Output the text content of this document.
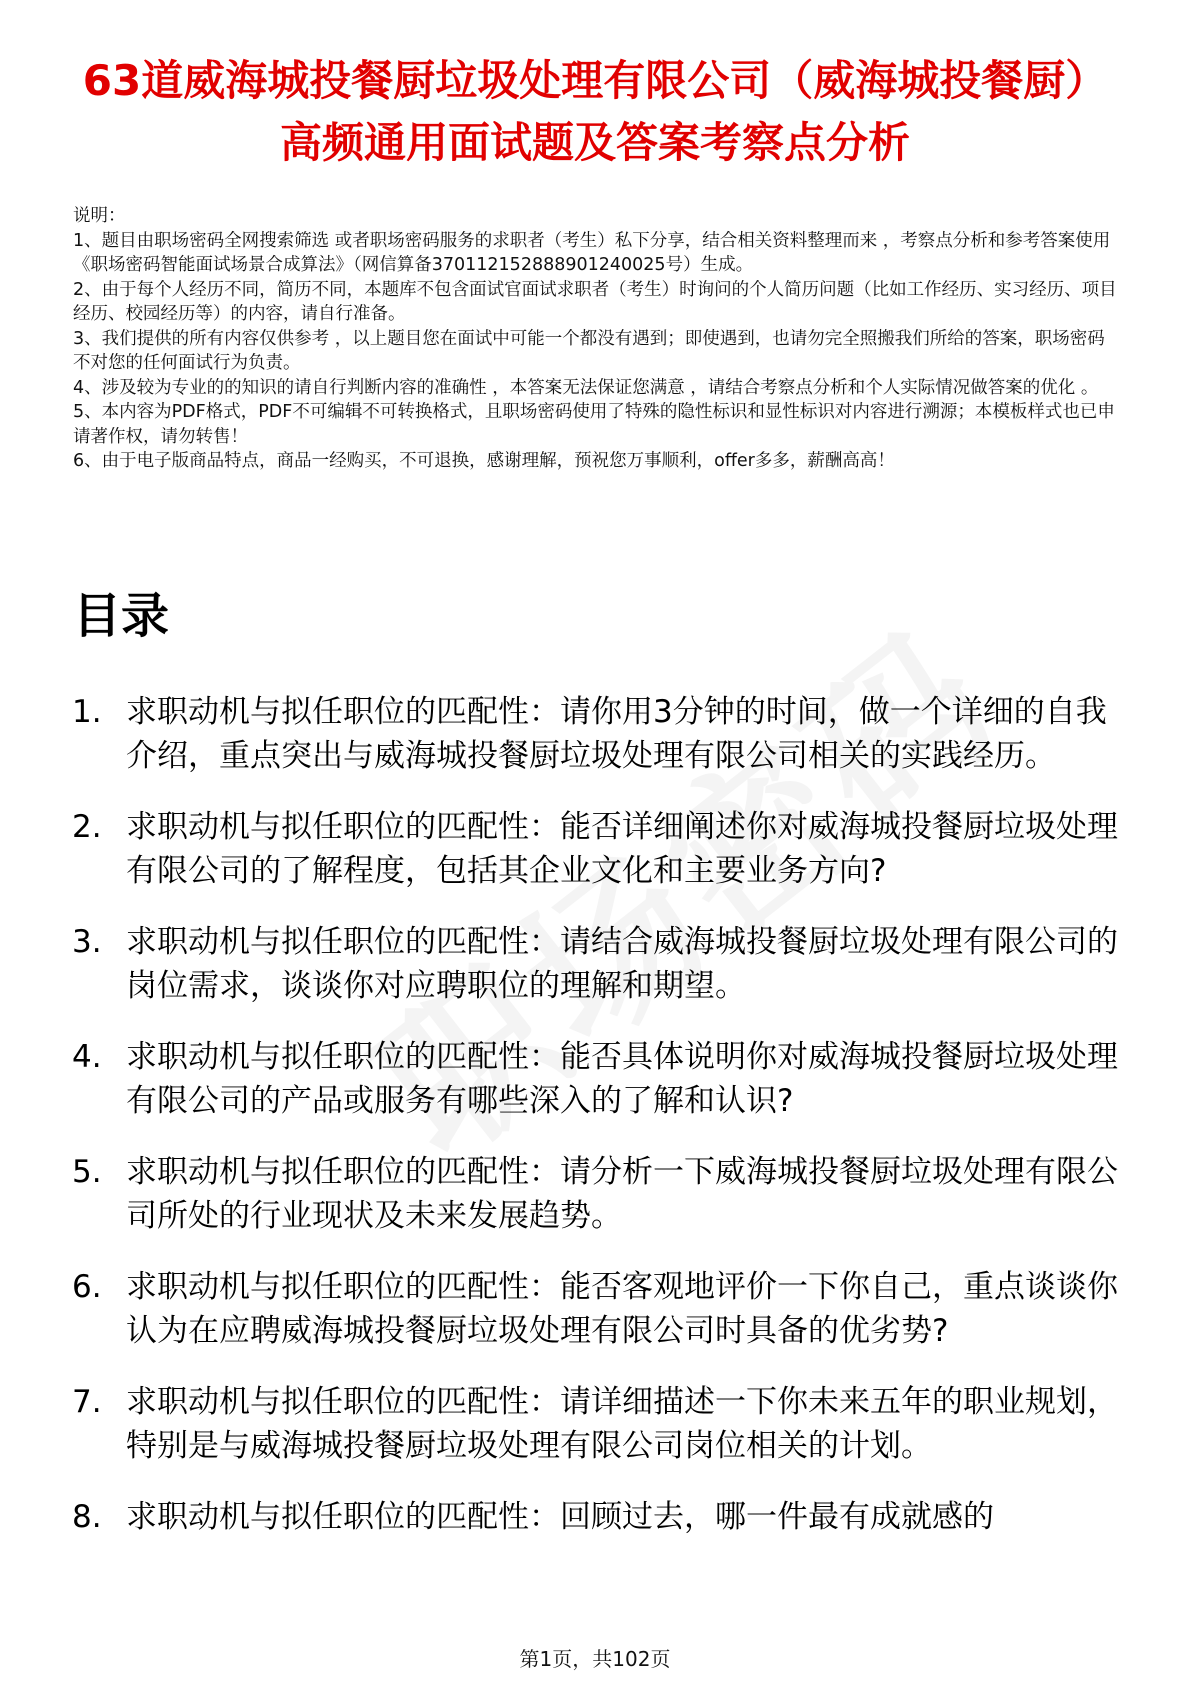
63道威海城投餐厨垃圾处理有限公司（威海城投餐厨）高频通用面试题及答案考察点分析

说明：

1、题目由职场密码全网搜索筛选 或者职场密码服务的求职者（考生）私下分享，结合相关资料整理而来 ，考察点分析和参考答案使用《职场密码智能面试场景合成算法》（网信算备370112152888901240025号）生成。

2、由于每个人经历不同，简历不同，本题库不包含面试官面试求职者（考生）时询问的个人简历问题（比如工作经历、实习经历、项目经历、校园经历等）的内容，请自行准备。

3、我们提供的所有内容仅供参考 ，以上题目您在面试中可能一个都没有遇到；即使遇到，也请勿完全照搬我们所给的答案，职场密码不对您的任何面试行为负责。

4、涉及较为专业的的知识的请自行判断内容的准确性 ，本答案无法保证您满意 ，请结合考察点分析和个人实际情况做答案的优化 。

5、本内容为PDF格式，PDF不可编辑不可转换格式，且职场密码使用了特殊的隐性标识和显性标识对内容进行溯源；本模板样式也已申请著作权，请勿转售！

6、由于电子版商品特点，商品一经购买，不可退换，感谢理解，预祝您万事顺利，offer多多，薪酬高高！

目录
1. 求职动机与拟任职位的匹配性：请你用3分钟的时间，做一个详细的自我介绍，重点突出与威海城投餐厨垃圾处理有限公司相关的实践经历。
2. 求职动机与拟任职位的匹配性：能否详细阐述你对威海城投餐厨垃圾处理有限公司的了解程度，包括其企业文化和主要业务方向?
3. 求职动机与拟任职位的匹配性：请结合威海城投餐厨垃圾处理有限公司的岗位需求，谈谈你对应聘职位的理解和期望。
4. 求职动机与拟任职位的匹配性：能否具体说明你对威海城投餐厨垃圾处理有限公司的产品或服务有哪些深入的了解和认识?
5. 求职动机与拟任职位的匹配性：请分析一下威海城投餐厨垃圾处理有限公司所处的行业现状及未来发展趋势。
6. 求职动机与拟任职位的匹配性：能否客观地评价一下你自己，重点谈谈你认为在应聘威海城投餐厨垃圾处理有限公司时具备的优劣势?
7. 求职动机与拟任职位的匹配性：请详细描述一下你未来五年的职业规划，特别是与威海城投餐厨垃圾处理有限公司岗位相关的计划。
8. 求职动机与拟任职位的匹配性：回顾过去，哪一件最有成就感的
第1页，共102页
